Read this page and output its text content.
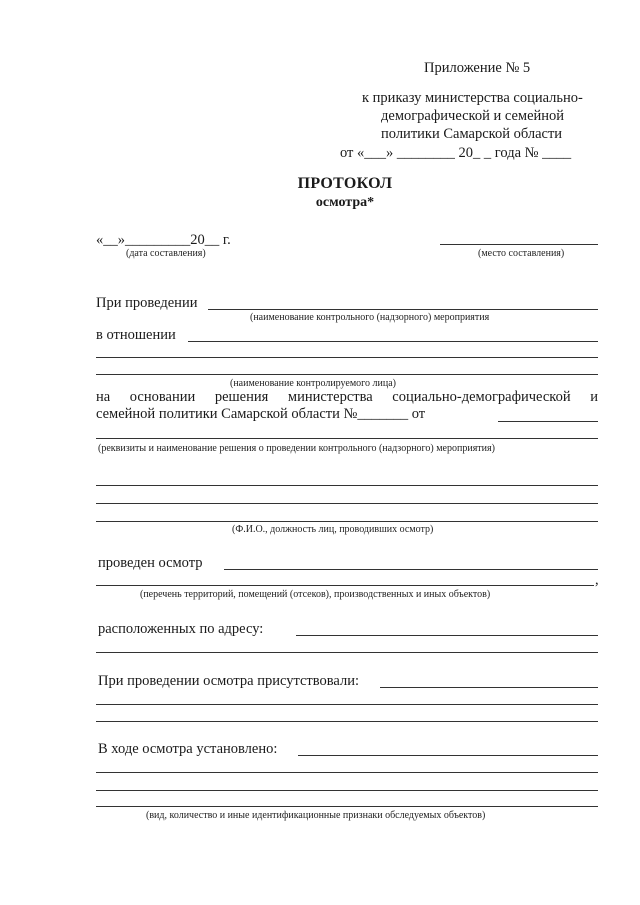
Приложение № 5
к приказу министерства социально-
демографической и семейной
политики Самарской области
от «___» ________ 20_ _ года № ____
ПРОТОКОЛ
осмотра*
«__»_________20__ г.
(дата составления)	(место составления)
При проведении
(наименование контрольного (надзорного) мероприятия
в отношении
(наименование контролируемого лица)
на основании решения министерства социально-демографической и
семейной политики Самарской области №_______ от
(реквизиты и наименование решения о проведении контрольного (надзорного) мероприятия)
(Ф.И.О., должность лиц, проводивших осмотр)
проведен осмотр
,
(перечень территорий, помещений (отсеков), производственных и иных объектов)
расположенных по адресу:
При проведении осмотра присутствовали:
В ходе осмотра установлено:
(вид, количество и иные идентификационные признаки обследуемых объектов)
